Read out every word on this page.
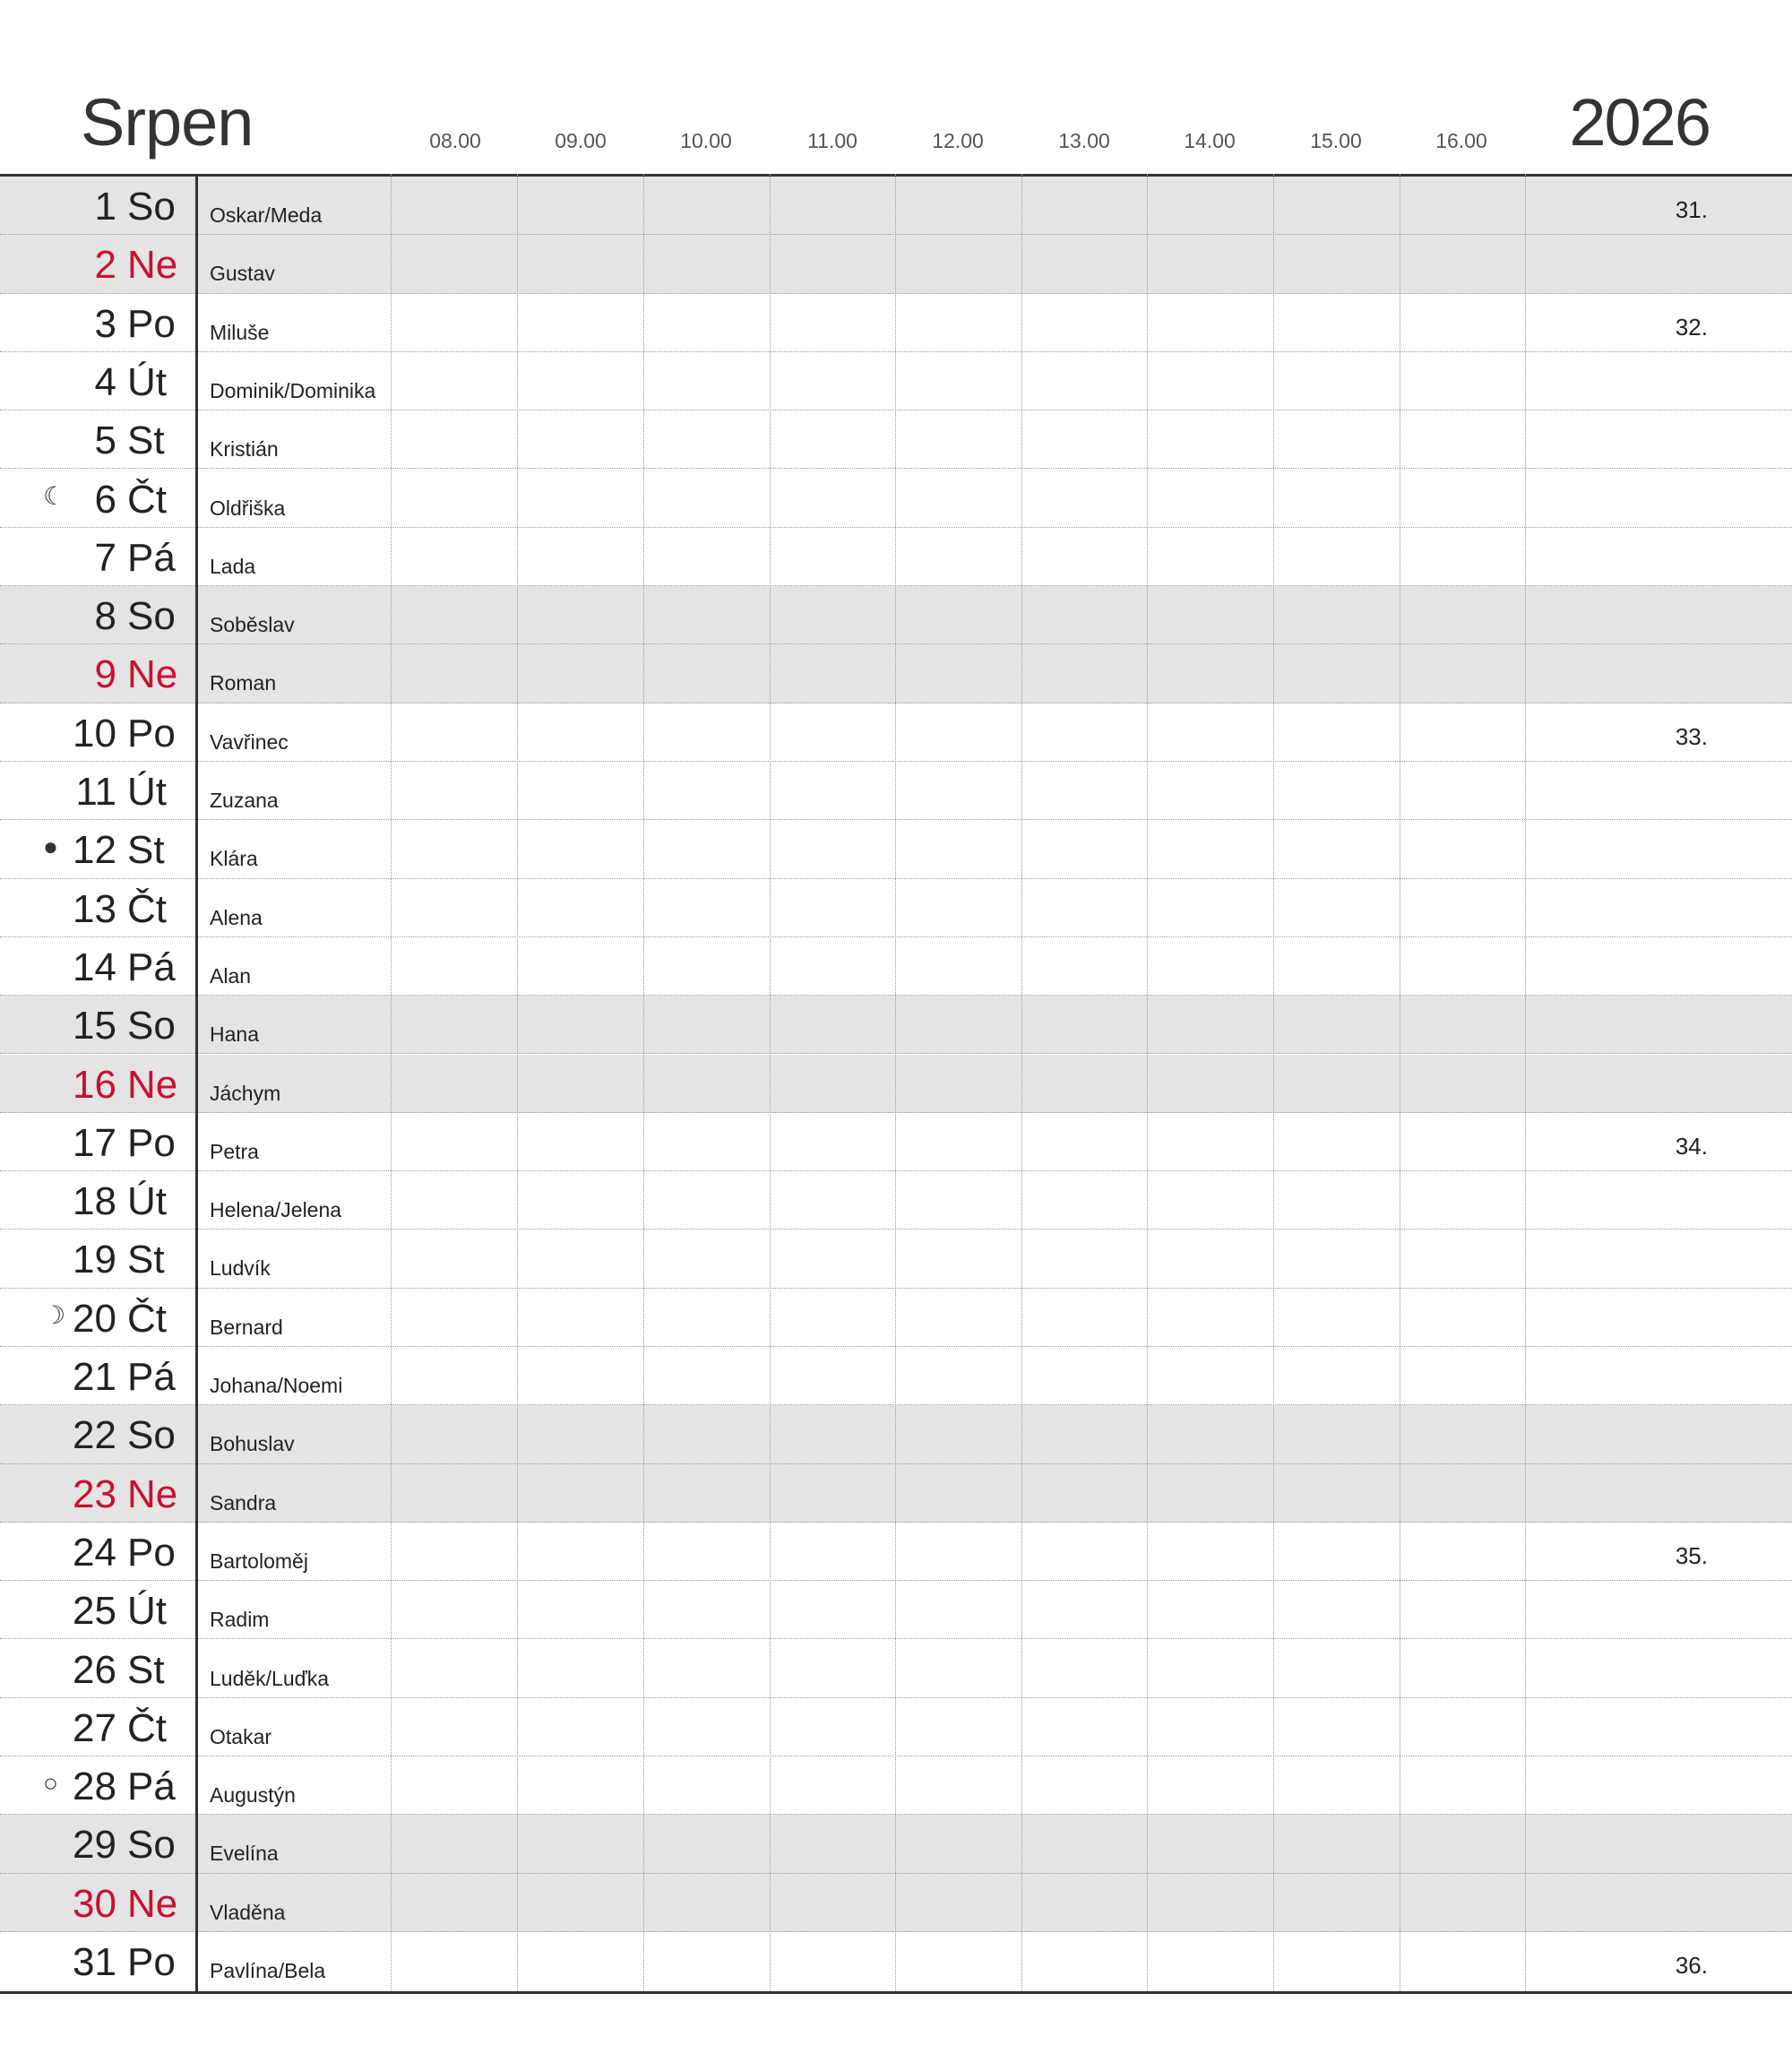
Srpen	2026
08.00	09.00	10.00	11.00	12.00	13.00	14.00	15.00	16.00
1 So	Oskar/Meda	31.
2 Ne Gustav
3 Po	Miluše	32.
4 Út	Dominik/Dominika
5 St	Kristián
☾ 6 Čt	Oldřiška
7 Pá	Lada
8 So	Soběslav
9 Ne Roman
10 Po	Vavřinec	33.
11 Út	Zuzana
● 12 St	Klára
13 Čt	Alena
14 Pá	Alan
15 So	Hana
16 Ne Jáchym
17 Po	Petra	34.
18 Út	Helena/Jelena
19 St	Ludvík
☽ 20 Čt	Bernard
21 Pá	Johana/Noemi
22 So	Bohuslav
23 Ne Sandra
24 Po	Bartoloměj	35.
25 Út	Radim
26 St	Luděk/Luďka
27 Čt	Otakar
○ 28 Pá	Augustýn
29 So	Evelína
30 Ne Vladěna
31 Po	Pavlína/Bela	36.
